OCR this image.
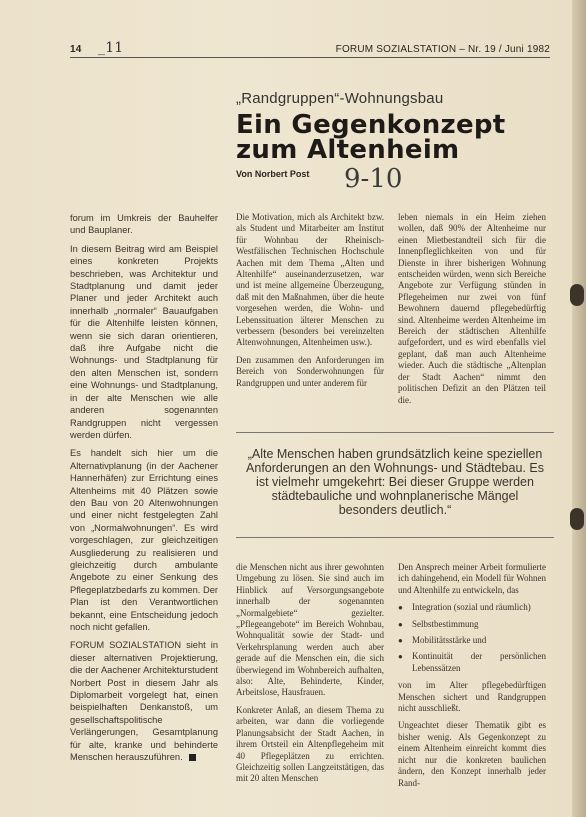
14 _11	FORUM SOZIALSTATION – Nr. 19 / Juni 1982
„Randgruppen“-Wohnungsbau
Ein Gegenkonzept zum Altenheim
Von Norbert Post	9-10

forum im Umkreis der Bauhelfer und Bauplaner.

In diesem Beitrag wird am Beispiel eines konkreten Projekts beschrieben, was Architektur und Stadtplanung und damit jeder Planer und jeder Architekt auch innerhalb „normaler“ Bauaufgaben für die Altenhilfe leisten können, wenn sie sich daran orientieren, daß ihre Aufgabe nicht die Wohnungs- und Stadtplanung für den alten Menschen ist, sondern eine Wohnungs- und Stadtplanung, in der alte Menschen wie alle anderen sogenannten Randgruppen nicht vergessen werden dürfen.

Es handelt sich hier um die Alternativplanung (in der Aachener Hannerhäfen) zur Errichtung eines Altenheims mit 40 Plätzen sowie den Bau von 20 Altenwohnungen und einer nicht festgelegten Zahl von „Normalwohnungen“. Es wird vorgeschlagen, zur gleichzeitigen Ausgliederung zu realisieren und gleichzeitig durch ambulante Angebote zu einer Senkung des Pflegeplatzbedarfs zu kommen. Der Plan ist den Verantwortlichen bekannt, eine Entscheidung jedoch noch nicht gefallen.

FORUM SOZIALSTATION sieht in dieser alternativen Projektierung, die der Aachener Architekturstudent Norbert Post in diesem Jahr als Diplomarbeit vorgelegt hat, einen beispielhaften Denkanstoß, um gesellschaftspolitische Verlängerungen, Gesamtplanung für alte, kranke und behinderte Menschen herauszuführen.

Die Motivation, mich als Architekt bzw. als Student und Mitarbeiter am Institut für Wohnbau der Rheinisch-Westfälischen Technischen Hochschule Aachen mit dem Thema „Alten und Altenhilfe“ auseinanderzusetzen, war und ist meine allgemeine Überzeugung, daß mit den Maßnahmen, über die heute vorgesehen werden, die Wohn- und Lebenssituation älterer Menschen zu verbessern (besonders bei vereinzelten Altenwohnungen, Altenheimen usw.).

Den zusammen den Anforderungen im Bereich von Sonderwohnungen für Randgruppen und unter anderem für

leben niemals in ein Heim ziehen wollen, daß 90% der Altenheime nur einen Mietbestandteil sich für die Innenpfleglichkeiten von und für Dienste in ihrer bisherigen Wohnung entscheiden würden, wenn sich Bereiche Angebote zur Verfügung stünden in Pflegeheimen nur zwei von fünf Bewohnern dauernd pflegebedürftig sind. Altenheime werden Altenheime im Bereich der städtischen Altenhilfe aufgefordert, und es wird ebenfalls viel geplant, daß man auch Altenheime wieder. Auch die städtische „Altenplan der Stadt Aachen“ nimmt den politischen Defizit an den Plätzen teil die.

„Alte Menschen haben grundsätzlich keine speziellen Anforderungen an den Wohnungs- und Städtebau. Es ist vielmehr umgekehrt: Bei dieser Gruppe werden städtebauliche und wohnplanerische Mängel besonders deutlich.“

die Menschen nicht aus ihrer gewohnten Umgebung zu lösen. Sie sind auch im Hinblick auf Versorgungsangebote innerhalb der sogenannten „Normalgebiete“ gezielter. „Pflegeangebote“ im Bereich Wohnbau, Wohnqualität sowie der Stadt- und Verkehrsplanung werden auch aber gerade auf die Menschen ein, die sich überwiegend im Wohnbereich aufhalten, also: Alte, Behinderte, Kinder, Arbeitslose, Hausfrauen.

Konkreter Anlaß, an diesem Thema zu arbeiten, war dann die vorliegende Planungsabsicht der Stadt Aachen, in ihrem Ortsteil ein Altenpflegeheim mit 40 Pflegeplätzen zu errichten. Gleichzeitig sollen Langzeitstätigen, das mit 20 alten Menschen

Den Ansprech meiner Arbeit formulierte ich dahingehend, ein Modell für Wohnen und Altenhilfe zu entwickeln, das

● Integration (sozial und räumlich)
● Selbstbestimmung
● Mobilitätsstärke und
● Kontinuität der persönlichen Lebenssätzen

von im Alter pflegebedürftigen Menschen sichert und Randgruppen nicht ausschließt.

Ungeachtet dieser Thematik gibt es bisher wenig. Als Gegenkonzept zu einem Altenheim einreicht kommt dies nicht nur die konkreten baulichen ändern, den Konzept innerhalb jeder Rand-
